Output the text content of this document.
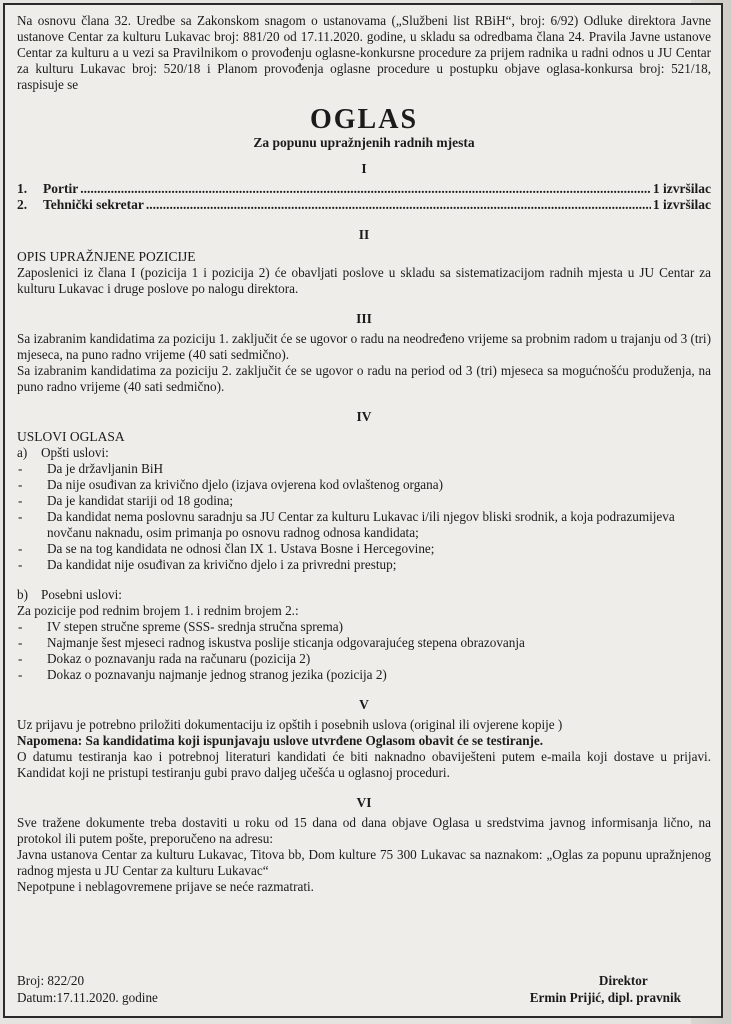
Na osnovu člana 32. Uredbe sa Zakonskom snagom o ustanovama („Službeni list RBiH“, broj: 6/92) Odluke direktora Javne ustanove Centar za kulturu Lukavac broj: 881/20 od 17.11.2020. godine, u skladu sa odredbama člana 24. Pravila Javne ustanove Centar za kulturu a u vezi sa Pravilnikom o provođenju oglasne-konkursne procedure za prijem radnika u radni odnos u JU Centar za kulturu Lukavac broj: 520/18 i Planom provođenja oglasne procedure u postupku objave oglasa-konkursa broj: 521/18, raspisuje se

OGLAS
Za popunu upražnjenih radnih mjesta
I
1.	Portir .....	1 izvršilac
2.	Tehnički sekretar .....	1 izvršilac
II
OPIS UPRAŽNJENE POZICIJE

Zaposlenici iz člana I (pozicija 1 i pozicija 2) će obavljati poslove u skladu sa sistematizacijom radnih mjesta u JU Centar za kulturu Lukavac i druge poslove po nalogu direktora.

III

Sa izabranim kandidatima za poziciju 1. zaključit će se ugovor o radu na neodređeno vrijeme sa probnim radom u trajanju od 3 (tri) mjeseca, na puno radno vrijeme (40 sati sedmično).

Sa izabranim kandidatima za poziciju 2. zaključit će se ugovor o radu na period od 3 (tri) mjeseca sa mogućnošću produženja, na puno radno vrijeme (40 sati sedmično).

IV
USLOVI OGLASA

a) Opšti uslovi:

- Da je državljanin BiH
- Da nije osuđivan za krivično djelo (izjava ovjerena kod ovlaštenog organa)
- Da je kandidat stariji od 18 godina;
- Da kandidat nema poslovnu saradnju sa JU Centar za kulturu Lukavac i/ili njegov bliski srodnik, a koja podrazumijeva novčanu naknadu, osim primanja po osnovu radnog odnosa kandidata;
- Da se na tog kandidata ne odnosi član IX 1. Ustava Bosne i Hercegovine;
- Da kandidat nije osuđivan za krivično djelo i za privredni prestup;

b) Posebni uslovi:

Za pozicije pod rednim brojem 1. i rednim brojem 2.:

- IV stepen stručne spreme (SSS- srednja stručna sprema)
- Najmanje šest mjeseci radnog iskustva poslije sticanja odgovarajućeg stepena obrazovanja
- Dokaz o poznavanju rada na računaru (pozicija 2)
- Dokaz o poznavanju najmanje jednog stranog jezika (pozicija 2)
V

Uz prijavu je potrebno priložiti dokumentaciju iz opštih i posebnih uslova (original ili ovjerene kopije )

Napomena: Sa kandidatima koji ispunjavaju uslove utvrđene Oglasom obavit će se testiranje.

O datumu testiranja kao i potrebnoj literaturi kandidati će biti naknadno obaviješteni putem e-maila koji dostave u prijavi. Kandidat koji ne pristupi testiranju gubi pravo daljeg učešća u oglasnoj proceduri.

VI

Sve tražene dokumente treba dostaviti u roku od 15 dana od dana objave Oglasa u sredstvima javnog informisanja lično, na protokol ili putem pošte, preporučeno na adresu:

Javna ustanova Centar za kulturu Lukavac, Titova bb, Dom kulture 75 300 Lukavac sa naznakom: „Oglas za popunu upražnjenog radnog mjesta u JU Centar za kulturu Lukavac“

Nepotpune i neblagovremene prijave se neće razmatrati.

Broj: 822/20
Datum:17.11.2020. godine
Direktor
Ermin Prijić, dipl. pravnik
